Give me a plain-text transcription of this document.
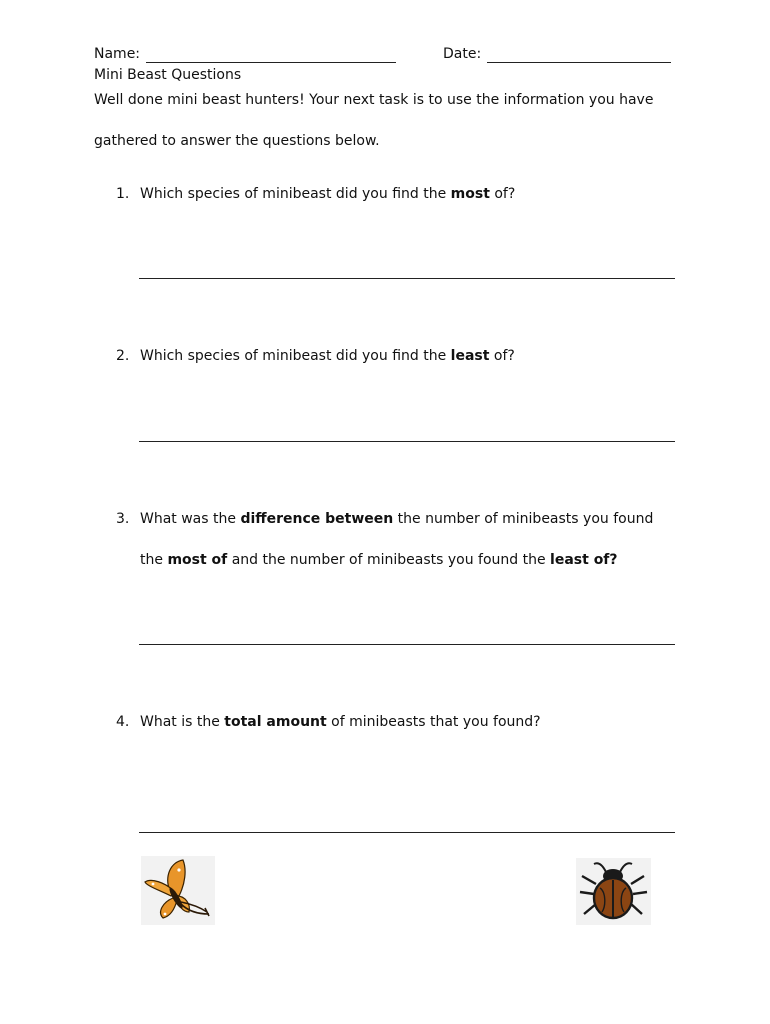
Name:	Date:
Mini Beast Questions
Well done mini beast hunters! Your next task is to use the information you have
gathered to answer the questions below.
1. Which species of minibeast did you find the most of?
2. Which species of minibeast did you find the least of?
3. What was the difference between the number of minibeasts you found
the most of and the number of minibeasts you found the least of?
4. What is the total amount of minibeasts that you found?
